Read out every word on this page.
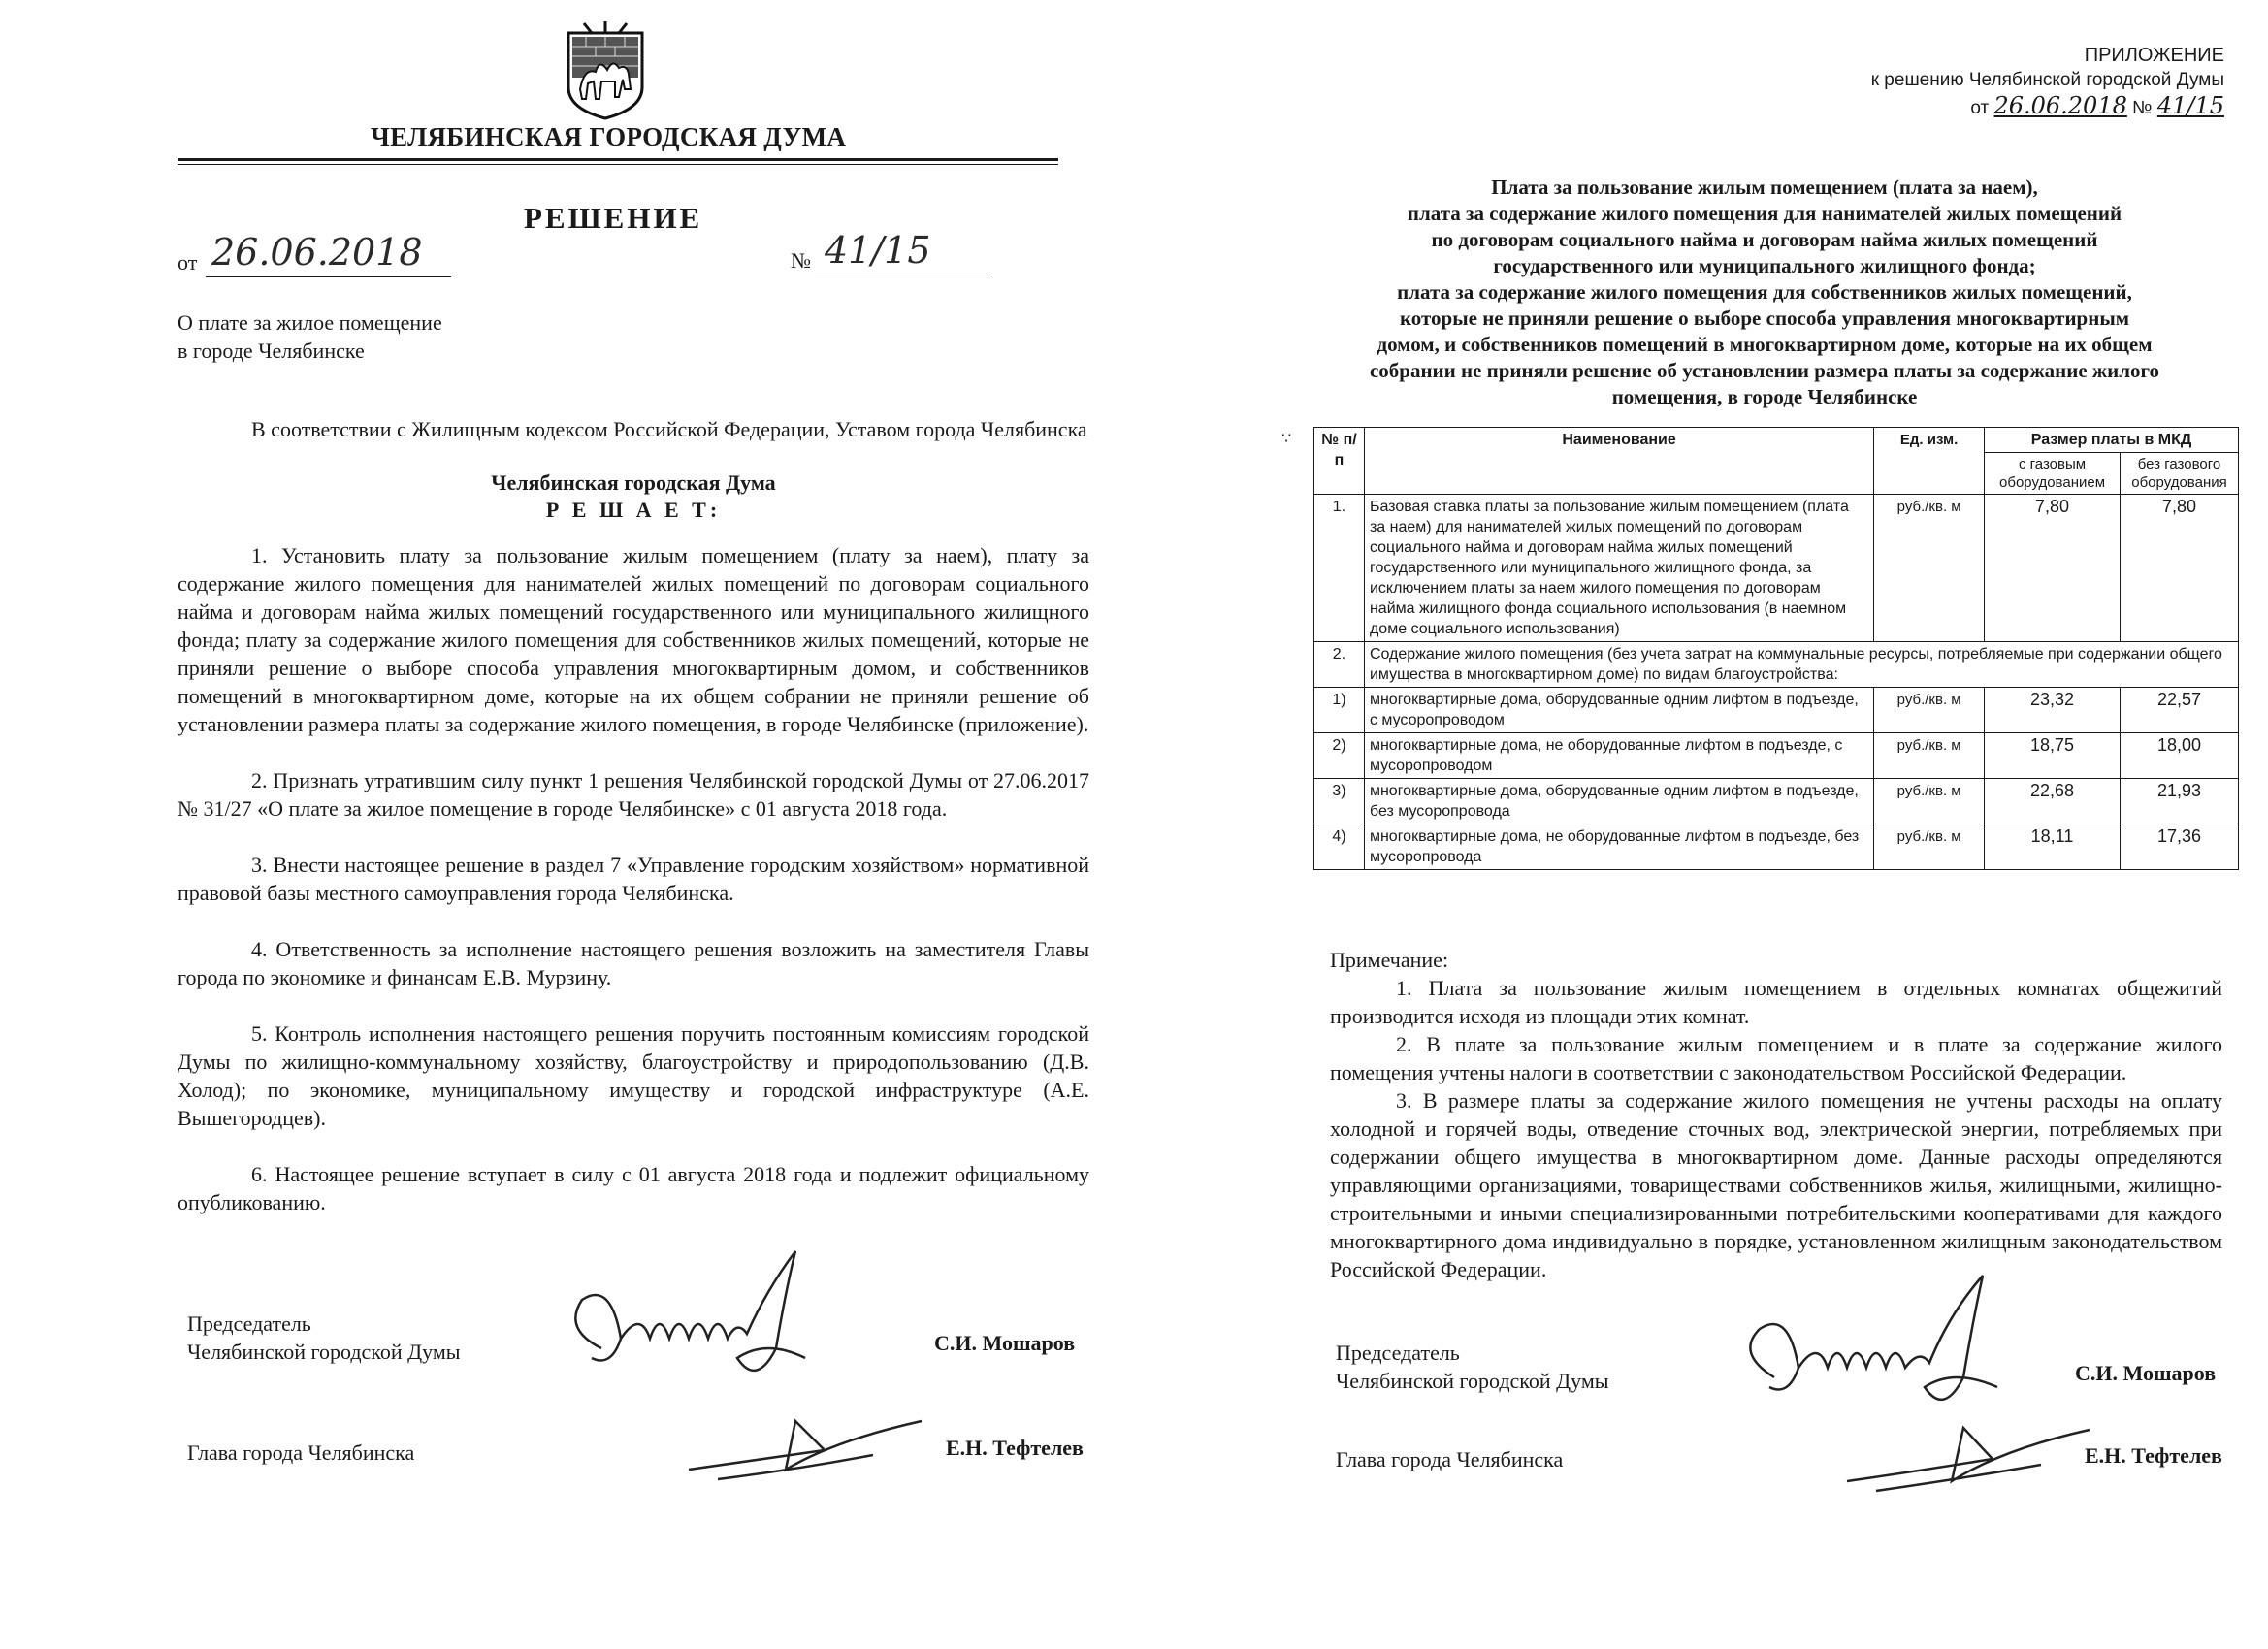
ЧЕЛЯБИНСКАЯ ГОРОДСКАЯ ДУМА
РЕШЕНИЕ
от 26.06.2018	№ 41/15
О плате за жилое помещение
в городе Челябинске
В соответствии с Жилищным кодексом Российской Федерации, Уставом города Челябинска
Челябинская городская Дума
Р Е Ш А Е Т:

1. Установить плату за пользование жилым помещением (плату за наем), плату за содержание жилого помещения для нанимателей жилых помещений по договорам социального найма и договорам найма жилых помещений государственного или муниципального жилищного фонда; плату за содержание жилого помещения для собственников жилых помещений, которые не приняли решение о выборе способа управления многоквартирным домом, и собственников помещений в многоквартирном доме, которые на их общем собрании не приняли решение об установлении размера платы за содержание жилого помещения, в городе Челябинске (приложение).

2. Признать утратившим силу пункт 1 решения Челябинской городской Думы от 27.06.2017 № 31/27 «О плате за жилое помещение в городе Челябинске» с 01 августа 2018 года.

3. Внести настоящее решение в раздел 7 «Управление городским хозяйством» нормативной правовой базы местного самоуправления города Челябинска.

4. Ответственность за исполнение настоящего решения возложить на заместителя Главы города по экономике и финансам Е.В. Мурзину.

5. Контроль исполнения настоящего решения поручить постоянным комиссиям городской Думы по жилищно-коммунальному хозяйству, благоустройству и природопользованию (Д.В. Холод); по экономике, муниципальному имуществу и городской инфраструктуре (А.Е. Вышегородцев).

6. Настоящее решение вступает в силу с 01 августа 2018 года и подлежит официальному опубликованию.

Председатель
Челябинской городской Думы	С.И. Мошаров
Глава города Челябинска	Е.Н. Тефтелев
ПРИЛОЖЕНИЕ
к решению Челябинской городской Думы
от 26.06.2018 № 41/15
Плата за пользование жилым помещением (плата за наем),
плата за содержание жилого помещения для нанимателей жилых помещений
по договорам социального найма и договорам найма жилых помещений
государственного или муниципального жилищного фонда;
плата за содержание жилого помещения для собственников жилых помещений,
которые не приняли решение о выборе способа управления многоквартирным
домом, и собственников помещений в многоквартирном доме, которые на их общем
собрании не приняли решение об установлении размера платы за содержание жилого
помещения, в городе Челябинске
∵ № п/п	Наименование	Ед. изм.	Размер платы в МКД	
			с газовым оборудованием	без газового оборудования
1.	Базовая ставка платы за пользование жилым помещением (плата за наем) для нанимателей жилых помещений по договорам социального найма и договорам найма жилых помещений государственного или муниципального жилищного фонда, за исключением платы за наем жилого помещения по договорам найма жилищного фонда социального использования (в наемном доме социального использования)	руб./кв. м	7,80	7,80
2.	Содержание жилого помещения (без учета затрат на коммунальные ресурсы, потребляемые при содержании общего имущества в многоквартирном доме) по видам благоустройства:			
1)	многоквартирные дома, оборудованные одним лифтом в подъезде, с мусоропроводом	руб./кв. м	23,32	22,57
2)	многоквартирные дома, не оборудованные лифтом в подъезде, с мусоропроводом	руб./кв. м	18,75	18,00
3)	многоквартирные дома, оборудованные одним лифтом в подъезде, без мусоропровода	руб./кв. м	22,68	21,93
4)	многоквартирные дома, не оборудованные лифтом в подъезде, без мусоропровода	руб./кв. м	18,11	17,36
Примечание:

1. Плата за пользование жилым помещением в отдельных комнатах общежитий производится исходя из площади этих комнат.

2. В плате за пользование жилым помещением и в плате за содержание жилого помещения учтены налоги в соответствии с законодательством Российской Федерации.

3. В размере платы за содержание жилого помещения не учтены расходы на оплату холодной и горячей воды, отведение сточных вод, электрической энергии, потребляемых при содержании общего имущества в многоквартирном доме. Данные расходы определяются управляющими организациями, товариществами собственников жилья, жилищными, жилищно-строительными и иными специализированными потребительскими кооперативами для каждого многоквартирного дома индивидуально в порядке, установленном жилищным законодательством Российской Федерации.

Председатель
Челябинской городской Думы	С.И. Мошаров
Глава города Челябинска	Е.Н. Тефтелев
